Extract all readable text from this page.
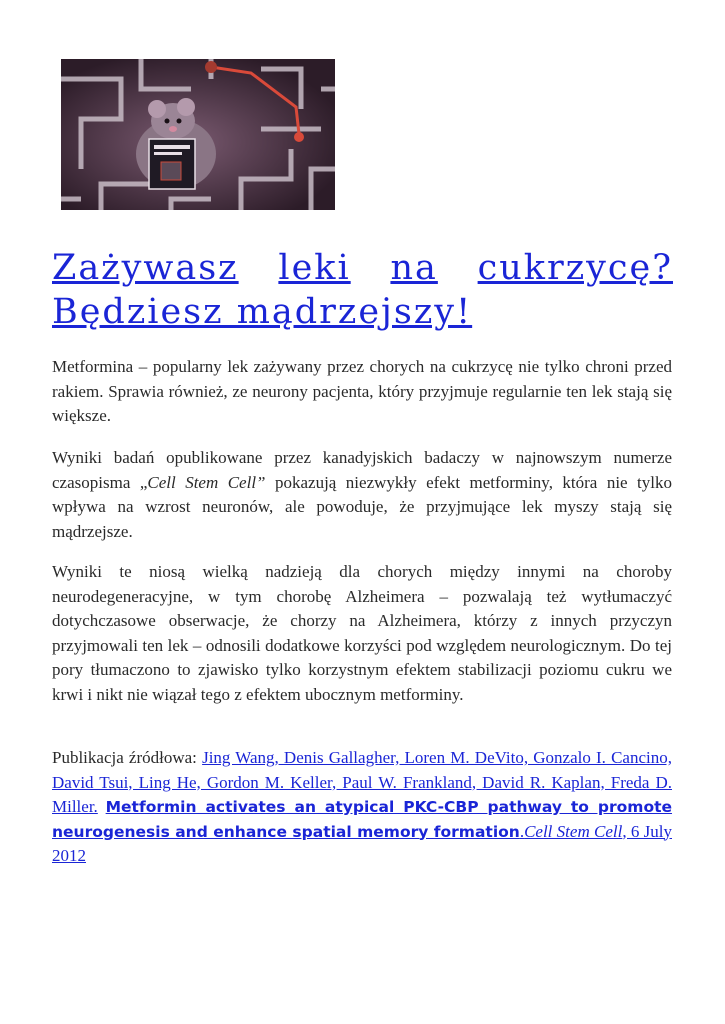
Zażywasz leki na cukrzycę?
Będziesz mądrzejszy!

Metformina – popularny lek zażywany przez chorych na cukrzycę nie tylko chroni przed rakiem. Sprawia również, ze neurony pacjenta, który przyjmuje regularnie ten lek stają się większe.

Wyniki badań opublikowane przez kanadyjskich badaczy w najnowszym numerze czasopisma „Cell Stem Cell” pokazują niezwykły efekt metforminy, która nie tylko wpływa na wzrost neuronów, ale powoduje, że przyjmujące lek myszy stają się mądrzejsze.

Wyniki te niosą wielką nadzieją dla chorych między innymi na choroby neurodegeneracyjne, w tym chorobę Alzheimera – pozwalają też wytłumaczyć dotychczasowe obserwacje, że chorzy na Alzheimera, którzy z innych przyczyn przyjmowali ten lek – odnosili dodatkowe korzyści pod względem neurologicznym. Do tej pory tłumaczono to zjawisko tylko korzystnym efektem stabilizacji poziomu cukru we krwi i nikt nie wiązał tego z efektem ubocznym metforminy.

Publikacja źródłowa: Jing Wang, Denis Gallagher, Loren M. DeVito, Gonzalo I. Cancino, David Tsui, Ling He, Gordon M. Keller, Paul W. Frankland, David R. Kaplan, Freda D. Miller. Metformin activates an atypical PKC-CBP pathway to promote neurogenesis and enhance spatial memory formation.Cell Stem Cell, 6 July 2012
